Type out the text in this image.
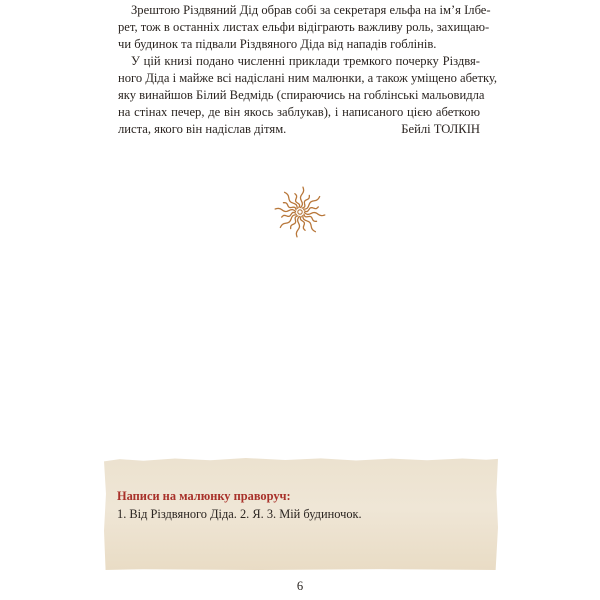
Зрештою Різдвяний Дід обрав собі за секретаря ельфа на ім’я Ілбе-
рет, тож в останніх листах ельфи відіграють важливу роль, захищаю-
чи будинок та підвали Різдвяного Діда від нападів гоблінів.
У цій книзі подано численні приклади тремкого почерку Різдвя-
ного Діда і майже всі надіслані ним малюнки, а також уміщено абетку,
яку винайшов Білий Ведмідь (спираючись на гоблінські мальовидла
на стінах печер, де він якось заблукав), і написаного цією абеткою
листа, якого він надіслав дітям.	Бейлі ТОЛКІН
Написи на малюнку праворуч:
1. Від Різдвяного Діда. 2. Я. 3. Мій будиночок.
6
